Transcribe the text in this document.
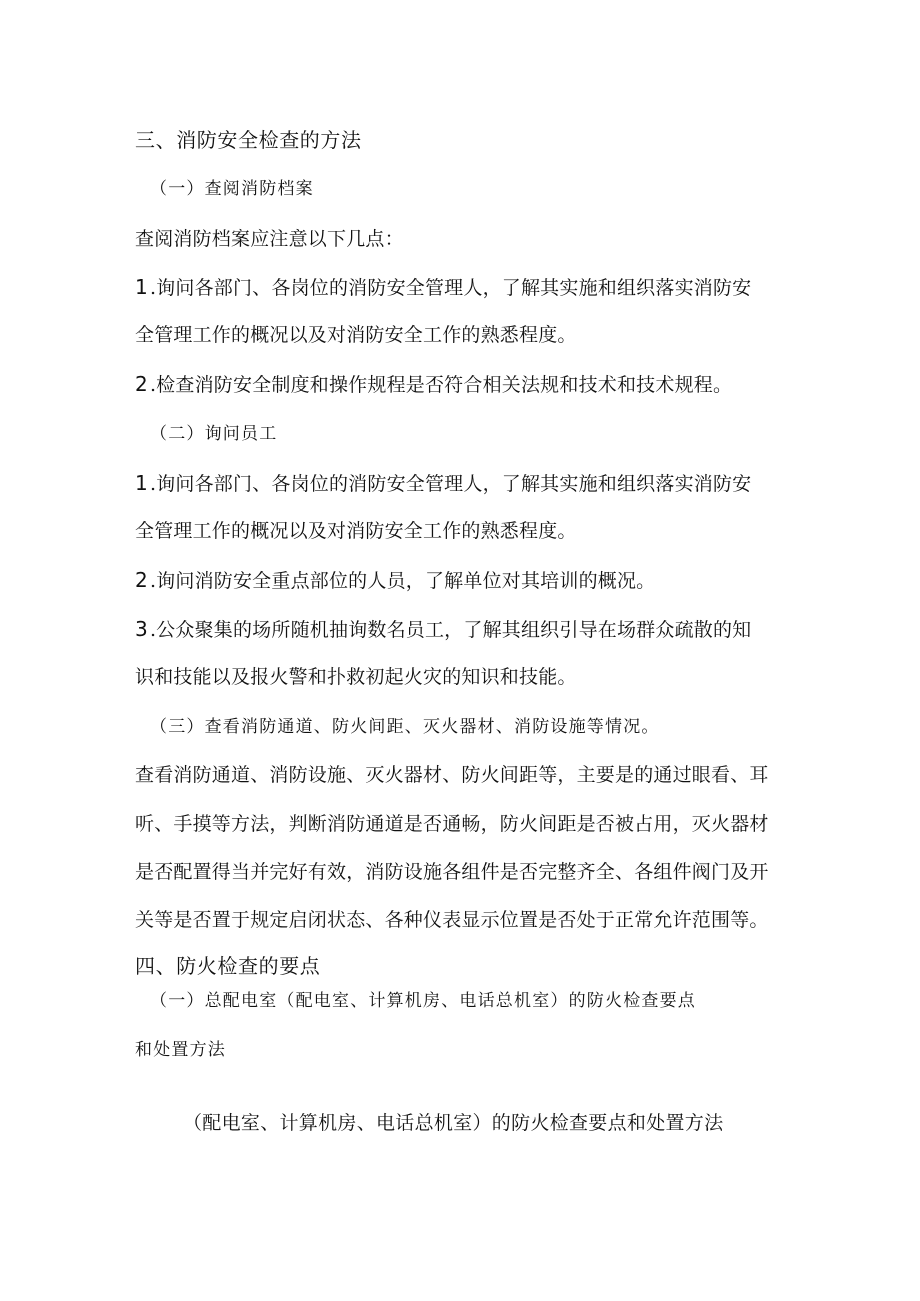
三、消防安全检查的方法
（一）查阅消防档案
查阅消防档案应注意以下几点：
1 .询问各部门、各岗位的消防安全管理人，了解其实施和组织落实消防安
全管理工作的概况以及对消防安全工作的熟悉程度。
2 .检查消防安全制度和操作规程是否符合相关法规和技术和技术规程。
（二）询问员工
1 .询问各部门、各岗位的消防安全管理人，了解其实施和组织落实消防安
全管理工作的概况以及对消防安全工作的熟悉程度。
2 .询问消防安全重点部位的人员，了解单位对其培训的概况。
3 .公众聚集的场所随机抽询数名员工，了解其组织引导在场群众疏散的知
识和技能以及报火警和扑救初起火灾的知识和技能。
（三）查看消防通道、防火间距、灭火器材、消防设施等情况。
查看消防通道、消防设施、灭火器材、防火间距等，主要是的通过眼看、耳
听、手摸等方法，判断消防通道是否通畅，防火间距是否被占用，灭火器材
是否配置得当并完好有效，消防设施各组件是否完整齐全、各组件阀门及开
关等是否置于规定启闭状态、各种仪表显示位置是否处于正常允许范围等。
四、防火检查的要点
（一）总配电室（配电室、计算机房、电话总机室）的防火检查要点
和处置方法
（配电室、计算机房、电话总机室）的防火检查要点和处置方法
